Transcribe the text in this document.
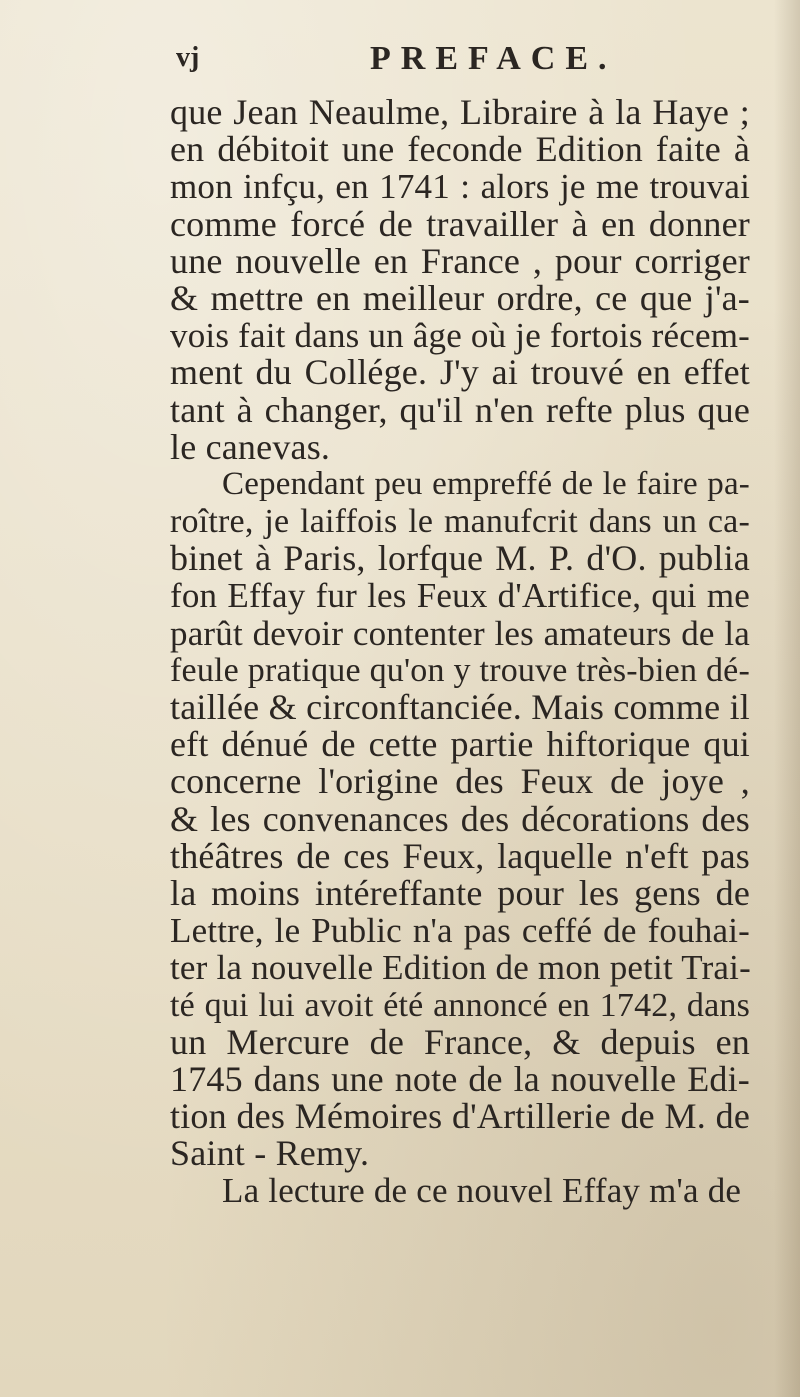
vj	PREFACE.
que Jean Neaulme, Libraire à la Haye ;
en débitoit une feconde Edition faite à
mon infçu, en 1741 : alors je me trouvai
comme forcé de travailler à en donner
une nouvelle en France , pour corriger
& mettre en meilleur ordre, ce que j'a-
vois fait dans un âge où je fortois récem-
ment du Collége. J'y ai trouvé en effet
tant à changer, qu'il n'en refte plus que
le canevas.
Cependant peu empreffé de le faire pa-
roître, je laiffois le manufcrit dans un ca-
binet à Paris, lorfque M. P. d'O. publia
fon Effay fur les Feux d'Artifice, qui me
parût devoir contenter les amateurs de la
feule pratique qu'on y trouve très-bien dé-
taillée & circonftanciée. Mais comme il
eft dénué de cette partie hiftorique qui
concerne l'origine des Feux de joye ,
& les convenances des décorations des
théâtres de ces Feux, laquelle n'eft pas
la moins intéreffante pour les gens de
Lettre, le Public n'a pas ceffé de fouhai-
ter la nouvelle Edition de mon petit Trai-
té qui lui avoit été annoncé en 1742, dans
un Mercure de France, & depuis en
1745 dans une note de la nouvelle Edi-
tion des Mémoires d'Artillerie de M. de
Saint - Remy.
La lecture de ce nouvel Effay m'a de
